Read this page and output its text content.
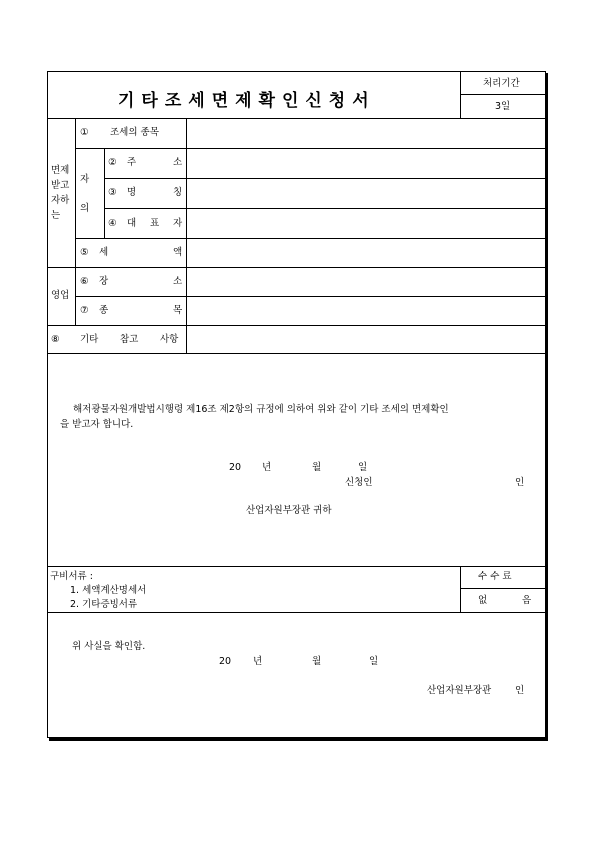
기타조세면제확인신청서
처리기간
3일
면제
받고
자하
는
자
의
영업
① 조세의 종목
② 주	소
③ 명	칭
④ 대 표 자
⑤ 세	액
⑥ 장	소
⑦ 종	목
⑧ 기타 참고 사항
해저광물자원개발법시행령 제16조 제2항의 규정에 의하여 위와 같이 기타 조세의 면제확인
을 받고자 합니다.
20 년	월	일
신청인	인
산업자원부장관 귀하
구비서류 :
1. 세액계산명세서
2. 기타증빙서류
수 수 료
없	음
위 사실을 확인함.
20 년	월	일
산업자원부장관	인
